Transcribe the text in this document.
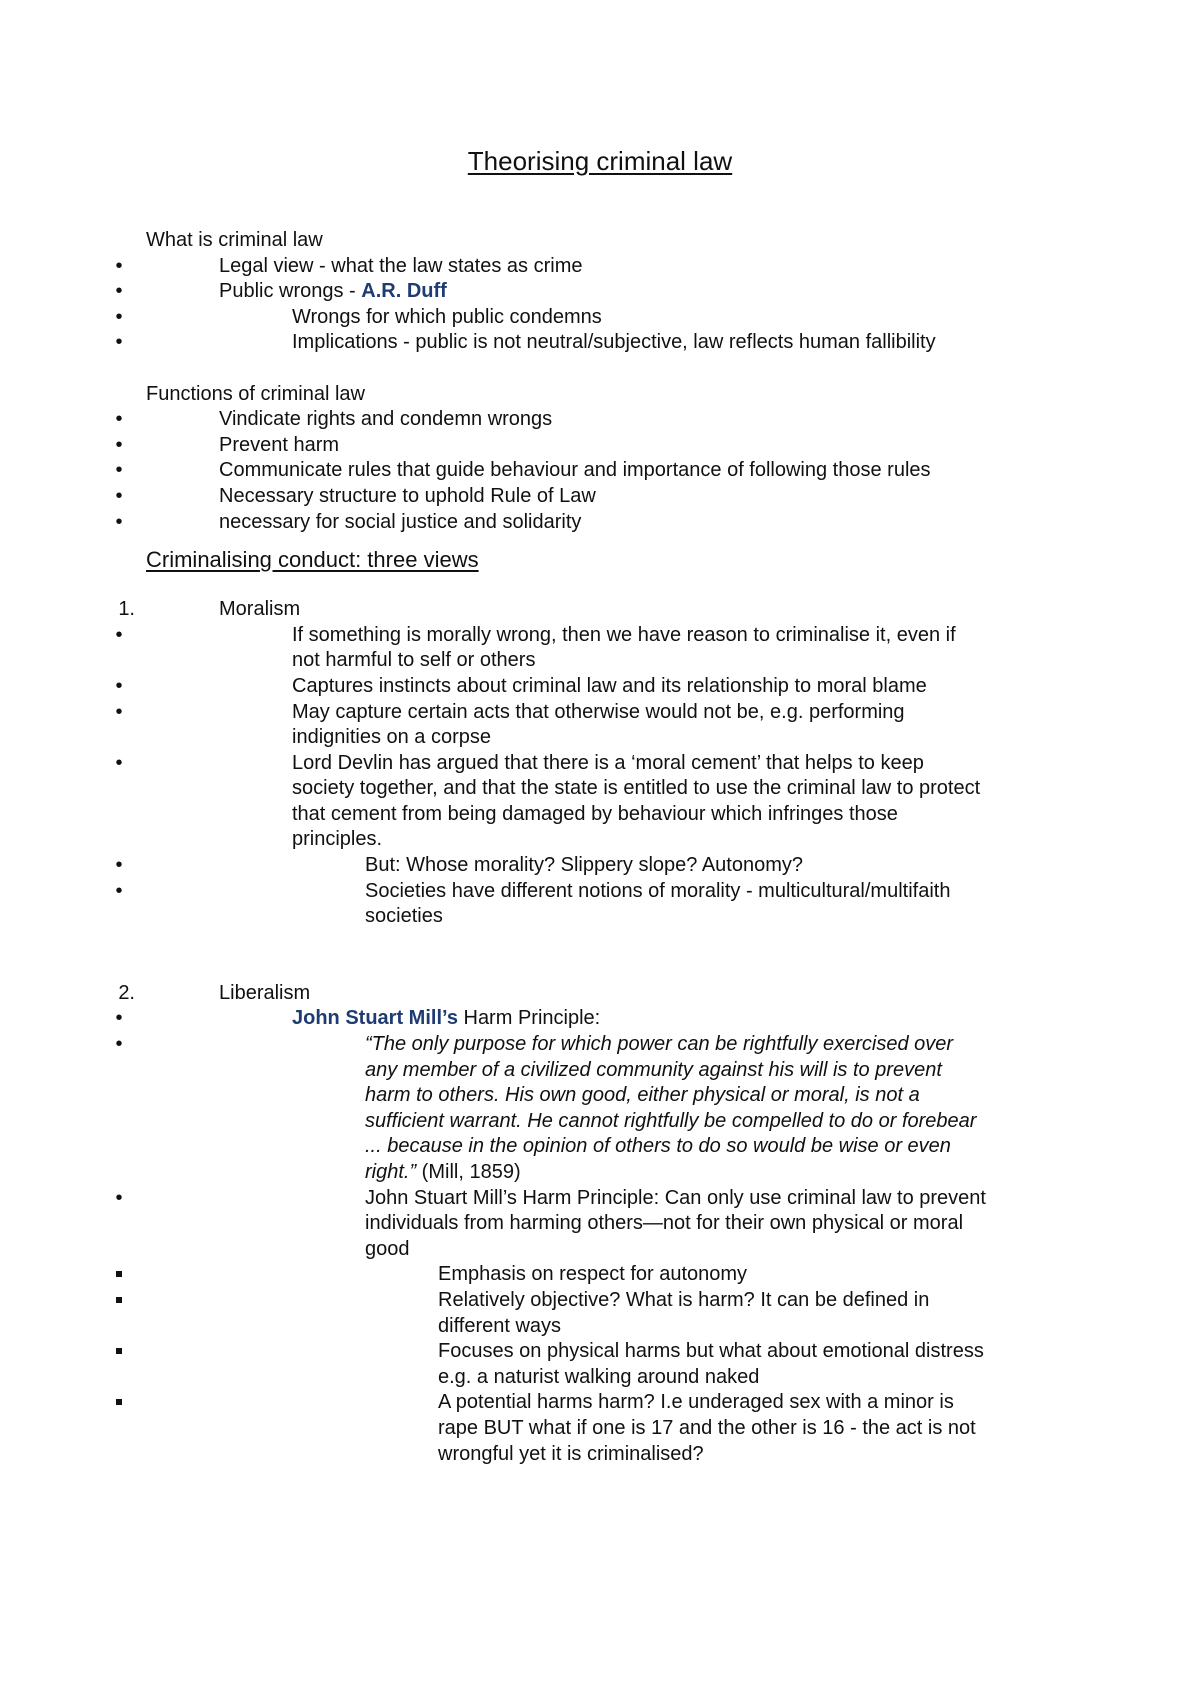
Theorising criminal law
What is criminal law
•	Legal view - what the law states as crime
•	Public wrongs - A.R. Duff
•	Wrongs for which public condemns
•	Implications - public is not neutral/subjective, law reflects human fallibility
Functions of criminal law
•	Vindicate rights and condemn wrongs
•	Prevent harm
•	Communicate rules that guide behaviour and importance of following those rules
•	Necessary structure to uphold Rule of Law
•	necessary for social justice and solidarity
Criminalising conduct: three views
1.	Moralism
•	If something is morally wrong, then we have reason to criminalise it, even if
not harmful to self or others
•	Captures instincts about criminal law and its relationship to moral blame
•	May capture certain acts that otherwise would not be, e.g. performing
indignities on a corpse
•	Lord Devlin has argued that there is a ‘moral cement’ that helps to keep
society together, and that the state is entitled to use the criminal law to protect
that cement from being damaged by behaviour which infringes those
principles.
•	But: Whose morality? Slippery slope? Autonomy?
•	Societies have different notions of morality - multicultural/multifaith
societies
2.	Liberalism
•	John Stuart Mill’s Harm Principle:
•	“The only purpose for which power can be rightfully exercised over
any member of a civilized community against his will is to prevent
harm to others. His own good, either physical or moral, is not a
sufficient warrant. He cannot rightfully be compelled to do or forebear
... because in the opinion of others to do so would be wise or even
right.” (Mill, 1859)
•	John Stuart Mill’s Harm Principle: Can only use criminal law to prevent
individuals from harming others—not for their own physical or moral
good
Emphasis on respect for autonomy
Relatively objective? What is harm? It can be defined in
different ways
Focuses on physical harms but what about emotional distress
e.g. a naturist walking around naked
A potential harms harm? I.e underaged sex with a minor is
rape BUT what if one is 17 and the other is 16 - the act is not
wrongful yet it is criminalised?
